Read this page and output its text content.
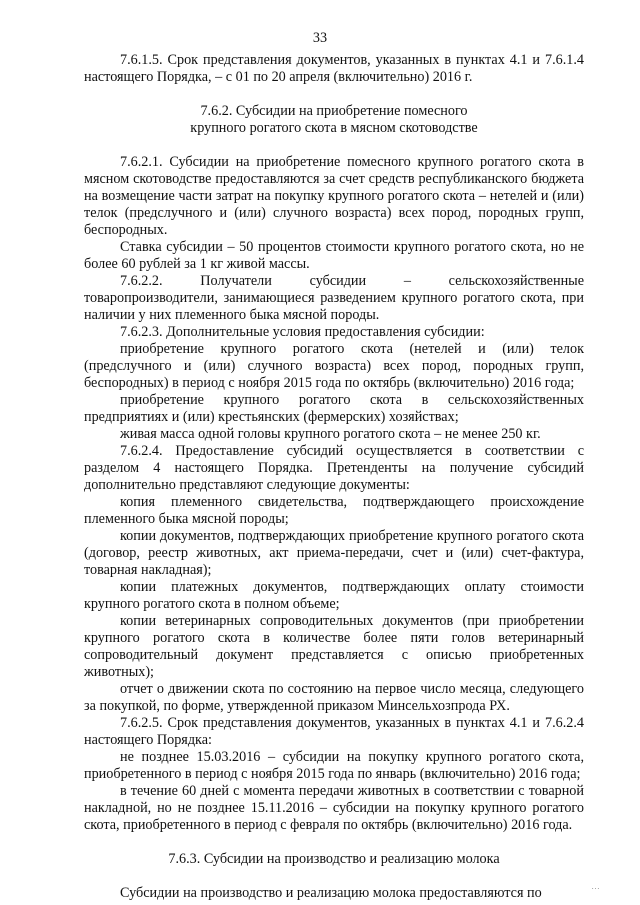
33

7.6.1.5. Срок представления документов, указанных в пунктах 4.1 и 7.6.1.4 настоящего Порядка, – с 01 по 20 апреля (включительно) 2016 г.

7.6.2. Субсидии на приобретение помесного крупного рогатого скота в мясном скотоводстве

7.6.2.1. Субсидии на приобретение помесного крупного рогатого скота в мясном скотоводстве предоставляются за счет средств республиканского бюджета на возмещение части затрат на покупку крупного рогатого скота – нетелей и (или) телок (предслучного и (или) случного возраста) всех пород, породных групп, беспородных.

Ставка субсидии – 50 процентов стоимости крупного рогатого скота, но не более 60 рублей за 1 кг живой массы.

7.6.2.2. Получатели субсидии – сельскохозяйственные товаропроизводители, занимающиеся разведением крупного рогатого скота, при наличии у них племенного быка мясной породы.

7.6.2.3. Дополнительные условия предоставления субсидии:

приобретение крупного рогатого скота (нетелей и (или) телок (предслучного и (или) случного возраста) всех пород, породных групп, беспородных) в период с ноября 2015 года по октябрь (включительно) 2016 года;

приобретение крупного рогатого скота в сельскохозяйственных предприятиях и (или) крестьянских (фермерских) хозяйствах;

живая масса одной головы крупного рогатого скота – не менее 250 кг.

7.6.2.4. Предоставление субсидий осуществляется в соответствии с разделом 4 настоящего Порядка. Претенденты на получение субсидий дополнительно представляют следующие документы:

копия племенного свидетельства, подтверждающего происхождение племенного быка мясной породы;

копии документов, подтверждающих приобретение крупного рогатого скота (договор, реестр животных, акт приема-передачи, счет и (или) счет-фактура, товарная накладная);

копии платежных документов, подтверждающих оплату стоимости крупного рогатого скота в полном объеме;

копии ветеринарных сопроводительных документов (при приобретении крупного рогатого скота в количестве более пяти голов ветеринарный сопроводительный документ представляется с описью приобретенных животных);

отчет о движении скота по состоянию на первое число месяца, следующего за покупкой, по форме, утвержденной приказом Минсельхозпрода РХ.

7.6.2.5. Срок представления документов, указанных в пунктах 4.1 и 7.6.2.4 настоящего Порядка:

не позднее 15.03.2016 – субсидии на покупку крупного рогатого скота, приобретенного в период с ноября 2015 года по январь (включительно) 2016 года;

в течение 60 дней с момента передачи животных в соответствии с товарной накладной, но не позднее 15.11.2016 – субсидии на покупку крупного рогатого скота, приобретенного в период с февраля по октябрь (включительно) 2016 года.

7.6.3. Субсидии на производство и реализацию молока

Субсидии на производство и реализацию молока предоставляются по	…
